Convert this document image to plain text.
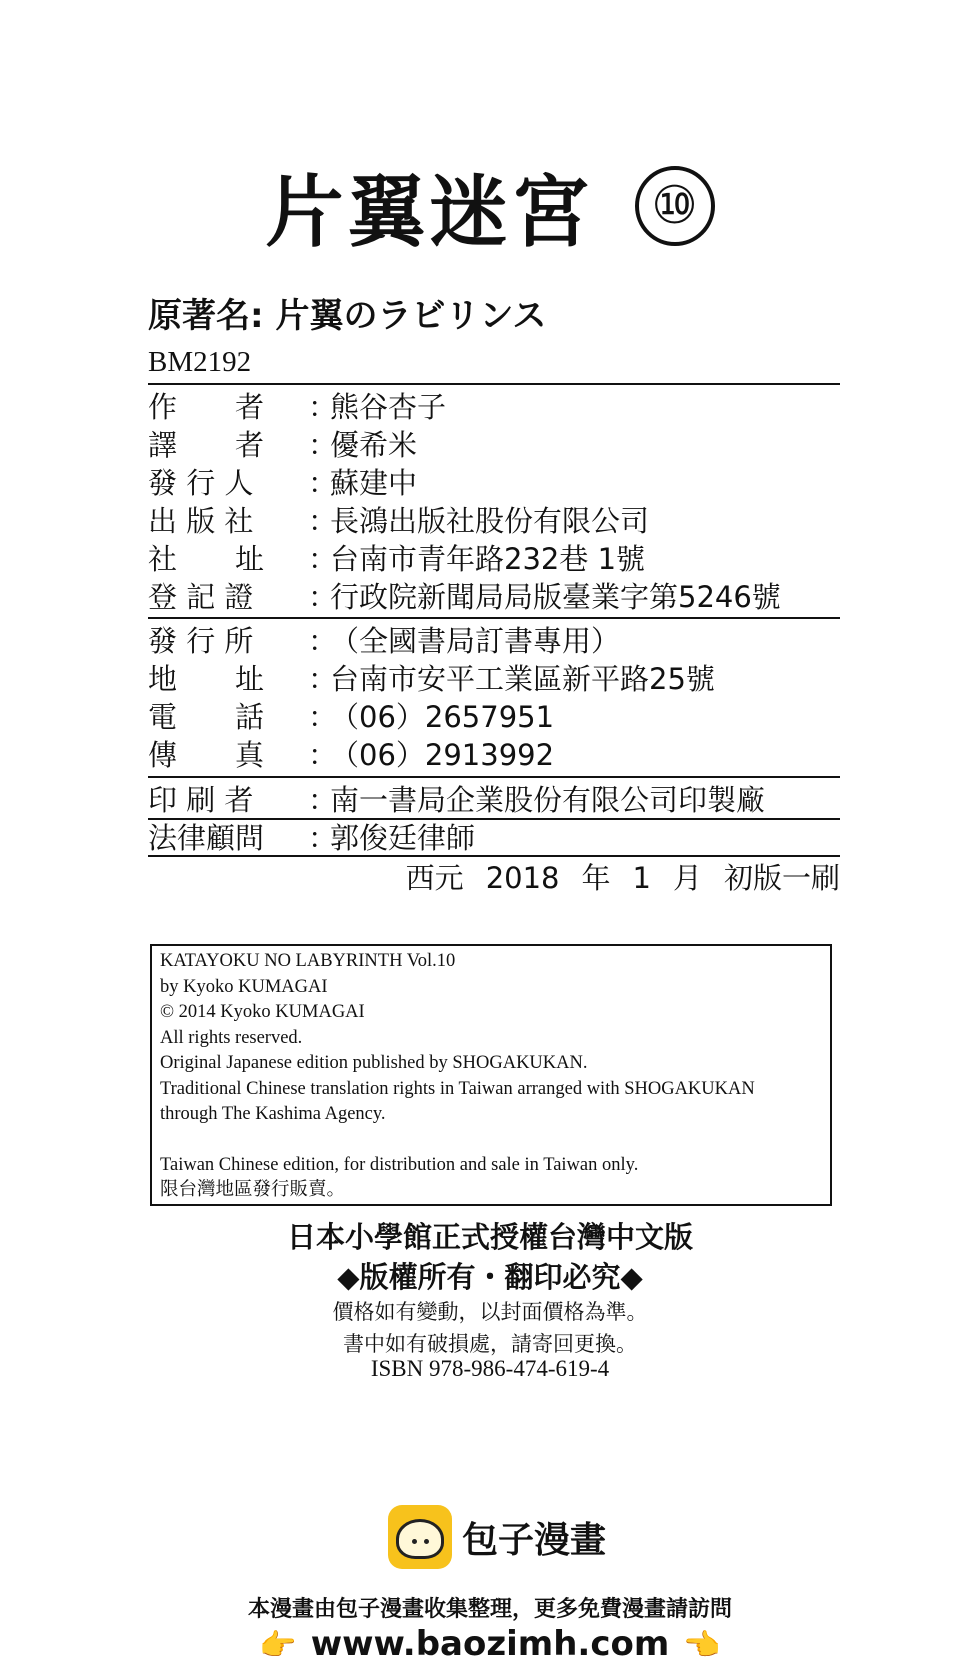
片翼迷宮 ⑩
原著名: 片翼のラビリンス
BM2192
作　　者	：
熊谷杏子
譯　　者	：
優希米
發 行 人	：
蘇建中
出 版 社	：
長鴻出版社股份有限公司
社　　址	：
台南市青年路232巷 1號
登 記 證	：
行政院新聞局局版臺業字第5246號
發 行 所	：
（全國書局訂書專用）
地　　址	：
台南市安平工業區新平路25號
電　　話	：
（06）2657951
傳　　真	：
（06）2913992
印 刷 者	：
南一書局企業股份有限公司印製廠
法律顧問	：
郭俊廷律師
西元 2018 年 1 月 初版一刷
KATAYOKU NO LABYRINTH Vol.10
by Kyoko KUMAGAI
© 2014 Kyoko KUMAGAI
All rights reserved.
Original Japanese edition published by SHOGAKUKAN.
Traditional Chinese translation rights in Taiwan arranged with SHOGAKUKAN
through The Kashima Agency.
Taiwan Chinese edition, for distribution and sale in Taiwan only.
限台灣地區發行販賣。
日本小學館正式授權台灣中文版
◆版權所有・翻印必究◆
價格如有變動，以封面價格為準。
書中如有破損處，請寄回更換。
ISBN 978-986-474-619-4
包子漫畫
本漫畫由包子漫畫收集整理，更多免費漫畫請訪問
👉 www.baozimh.com 👈
